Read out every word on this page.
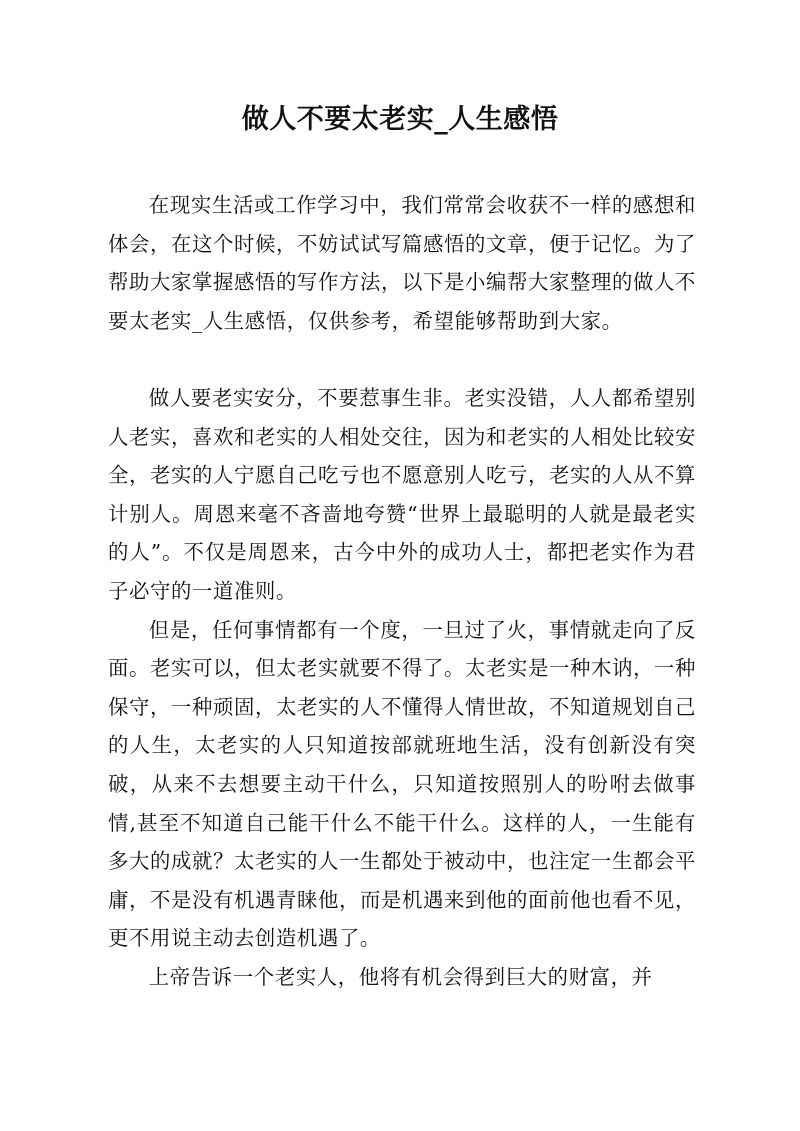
做人不要太老实_人生感悟

在现实生活或工作学习中，我们常常会收获不一样的感想和体会，在这个时候，不妨试试写篇感悟的文章，便于记忆。为了帮助大家掌握感悟的写作方法，以下是小编帮大家整理的做人不要太老实_人生感悟，仅供参考，希望能够帮助到大家。

做人要老实安分，不要惹事生非。老实没错，人人都希望别人老实，喜欢和老实的人相处交往，因为和老实的人相处比较安全，老实的人宁愿自己吃亏也不愿意别人吃亏，老实的人从不算计别人。周恩来毫不吝啬地夸赞“世界上最聪明的人就是最老实的人”。不仅是周恩来，古今中外的成功人士，都把老实作为君子必守的一道准则。

但是，任何事情都有一个度，一旦过了火，事情就走向了反面。老实可以，但太老实就要不得了。太老实是一种木讷，一种保守，一种顽固，太老实的人不懂得人情世故，不知道规划自己的人生，太老实的人只知道按部就班地生活，没有创新没有突破，从来不去想要主动干什么，只知道按照别人的吩咐去做事情,甚至不知道自己能干什么不能干什么。这样的人，一生能有多大的成就？太老实的人一生都处于被动中，也注定一生都会平庸，不是没有机遇青睐他，而是机遇来到他的面前他也看不见，更不用说主动去创造机遇了。

上帝告诉一个老实人，他将有机会得到巨大的财富，并
